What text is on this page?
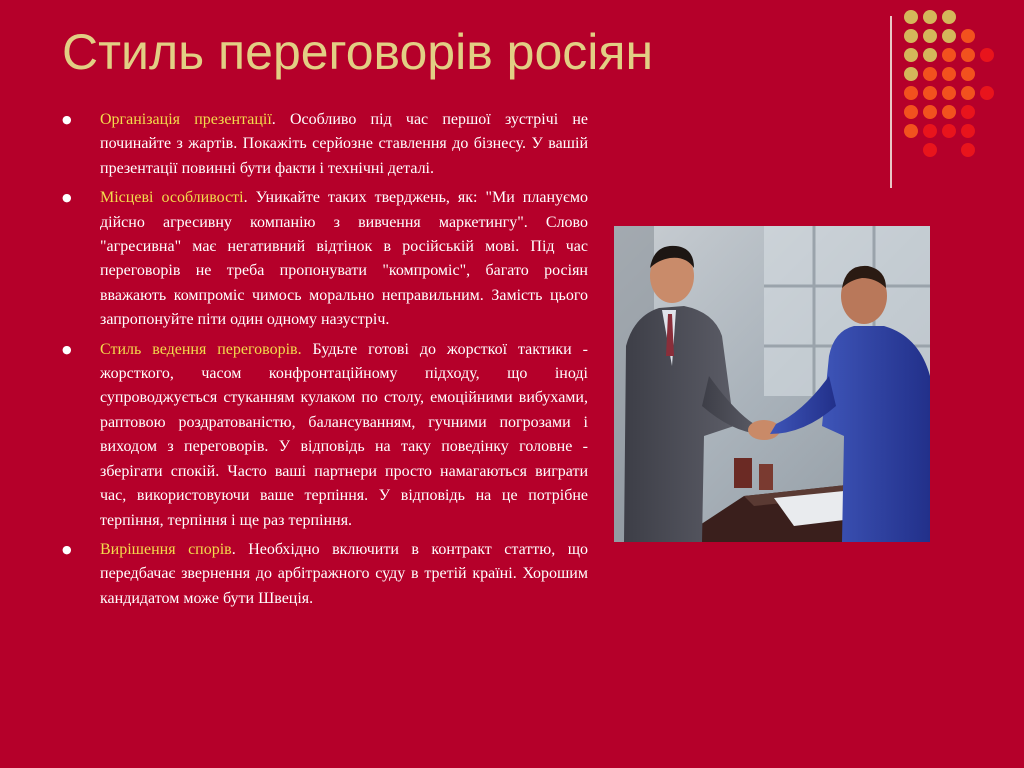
Стиль переговорів росіян
● Організація презентації. Особливо під час першої зустрічі не починайте з жартів. Покажіть серйозне ставлення до бізнесу. У вашій презентації повинні бути факти і технічні деталі.
● Місцеві особливості. Уникайте таких тверджень, як: "Ми плануємо дійсно агресивну компанію з вивчення маркетингу". Слово "агресивна" має негативний відтінок в російській мові. Під час переговорів не треба пропонувати "компроміс", багато росіян вважають компроміс чимось морально неправильним. Замість цього запропонуйте піти один одному назустріч.
● Стиль ведення переговорів. Будьте готові до жорсткої тактики - жорсткого, часом конфронтаційному підходу, що іноді супроводжується стуканням кулаком по столу, емоційними вибухами, раптовою роздратованістю, балансуванням, гучними погрозами і виходом з переговорів. У відповідь на таку поведінку головне - зберігати спокій. Часто ваші партнери просто намагаються виграти час, використовуючи ваше терпіння. У відповідь на це потрібне терпіння, терпіння і ще раз терпіння.
● Вирішення спорів. Необхідно включити в контракт статтю, що передбачає звернення до арбітражного суду в третій країні. Хорошим кандидатом може бути Швеція.
